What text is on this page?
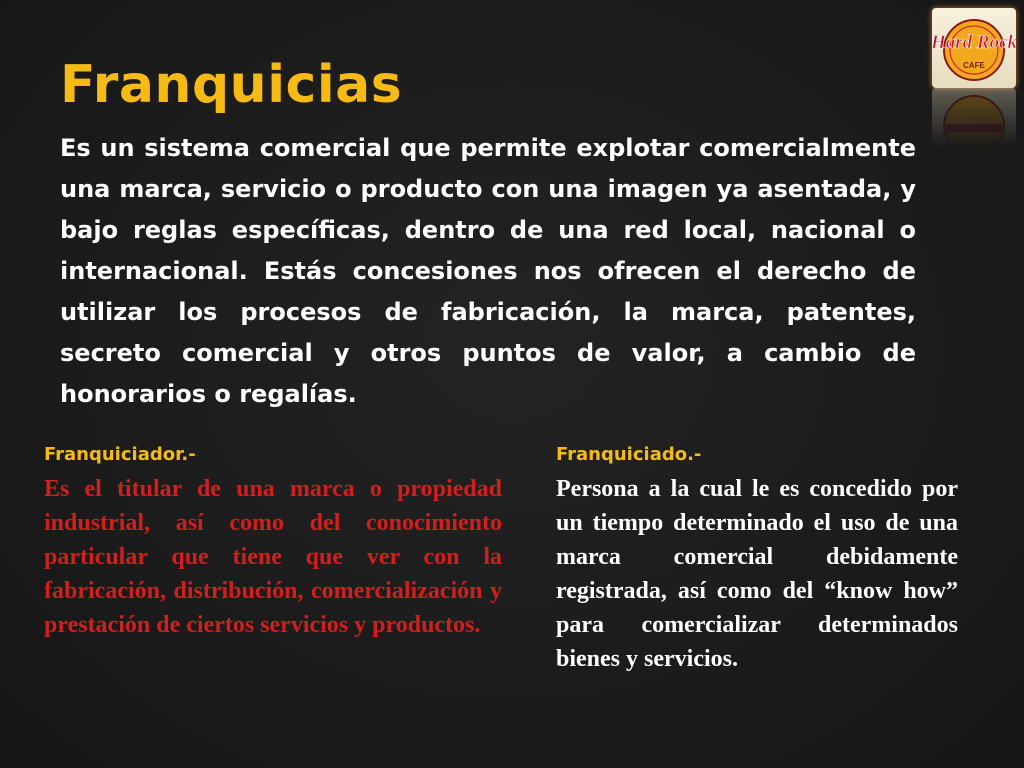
Franquicias
Hard Rock
CAFE

Es un sistema comercial que permite explotar comercialmente una marca, servicio o producto con una imagen ya asentada, y bajo reglas específicas, dentro de una red local, nacional o internacional. Estás concesiones nos ofrecen el derecho de utilizar los procesos de fabricación, la marca, patentes, secreto comercial y otros puntos de valor, a cambio de honorarios o regalías.

Franquiciador.-

Es el titular de una marca o propiedad industrial, así como del conocimiento particular que tiene que ver con la fabricación, distribución, comercialización y prestación de ciertos servicios y productos.

Franquiciado.-

Persona a la cual le es concedido por un tiempo determinado el uso de una marca comercial debidamente registrada, así como del “know how” para comercializar determinados bienes y servicios.
